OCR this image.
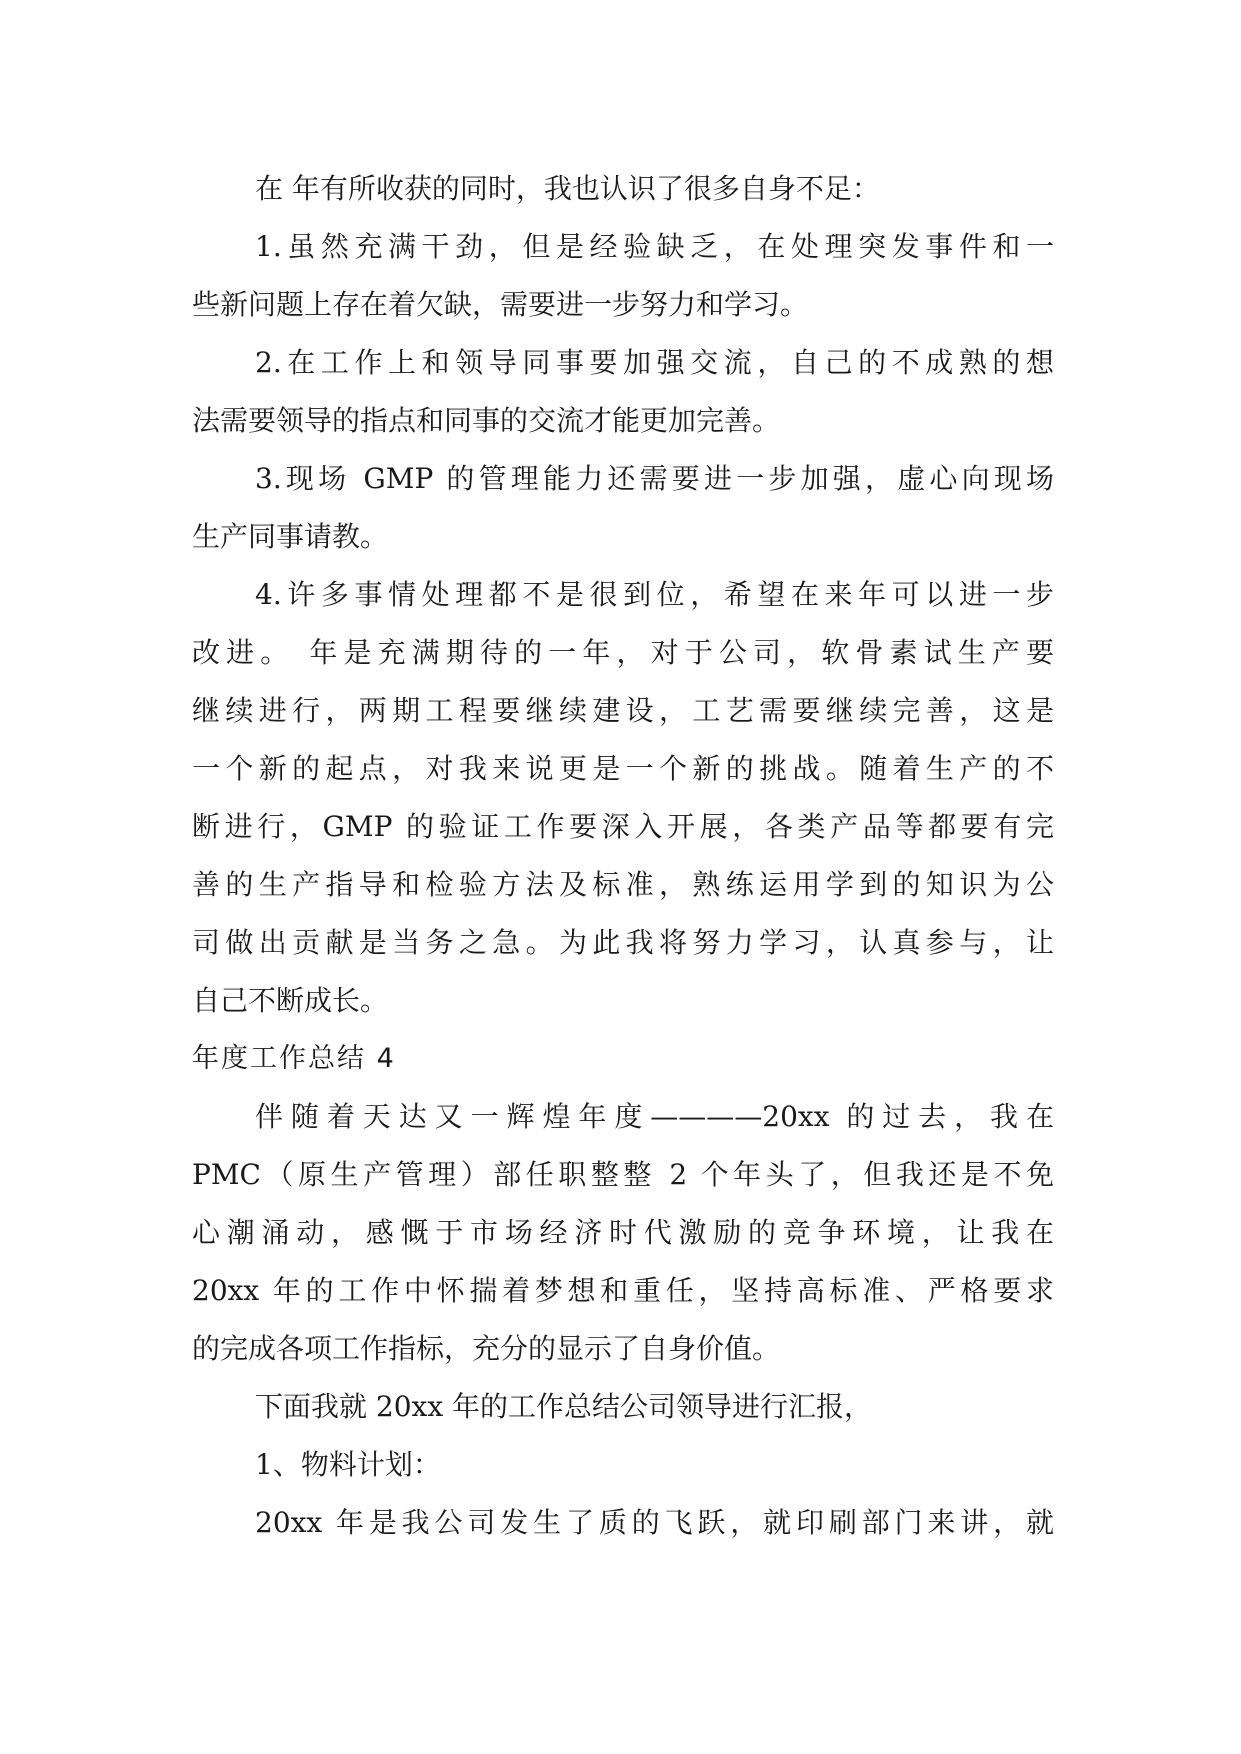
在 年有所收获的同时，我也认识了很多自身不足：
1.虽然充满干劲，但是经验缺乏，在处理突发事件和一
些新问题上存在着欠缺，需要进一步努力和学习。
2.在工作上和领导同事要加强交流，自己的不成熟的想
法需要领导的指点和同事的交流才能更加完善。
3.现场 GMP 的管理能力还需要进一步加强，虚心向现场
生产同事请教。
4.许多事情处理都不是很到位，希望在来年可以进一步
改进。 年是充满期待的一年，对于公司，软骨素试生产要
继续进行，两期工程要继续建设，工艺需要继续完善，这是
一个新的起点，对我来说更是一个新的挑战。随着生产的不
断进行，GMP 的验证工作要深入开展，各类产品等都要有完
善的生产指导和检验方法及标准，熟练运用学到的知识为公
司做出贡献是当务之急。为此我将努力学习，认真参与，让
自己不断成长。
年度工作总结 4
伴随着天达又一辉煌年度————20xx 的过去，我在
PMC（原生产管理）部任职整整 2 个年头了，但我还是不免
心潮涌动，感慨于市场经济时代激励的竞争环境，让我在
20xx 年的工作中怀揣着梦想和重任，坚持高标准、严格要求
的完成各项工作指标，充分的显示了自身价值。
下面我就 20xx 年的工作总结公司领导进行汇报，
1、物料计划：
20xx 年是我公司发生了质的飞跃，就印刷部门来讲，就
